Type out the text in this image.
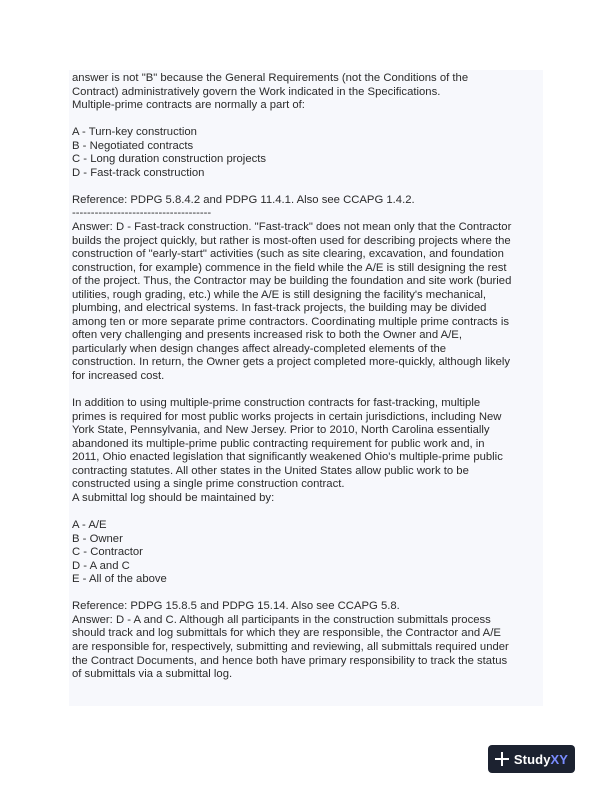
answer is not "B" because the General Requirements (not the Conditions of the
Contract) administratively govern the Work indicated in the Specifications.
Multiple-prime contracts are normally a part of:
A - Turn-key construction
B - Negotiated contracts
C - Long duration construction projects
D - Fast-track construction
Reference: PDPG 5.8.4.2 and PDPG 11.4.1. Also see CCAPG 1.4.2.
-------------------------------------
Answer: D - Fast-track construction. "Fast-track" does not mean only that the Contractor
builds the project quickly, but rather is most-often used for describing projects where the
construction of "early-start" activities (such as site clearing, excavation, and foundation
construction, for example) commence in the field while the A/E is still designing the rest
of the project. Thus, the Contractor may be building the foundation and site work (buried
utilities, rough grading, etc.) while the A/E is still designing the facility's mechanical,
plumbing, and electrical systems. In fast-track projects, the building may be divided
among ten or more separate prime contractors. Coordinating multiple prime contracts is
often very challenging and presents increased risk to both the Owner and A/E,
particularly when design changes affect already-completed elements of the
construction. In return, the Owner gets a project completed more-quickly, although likely
for increased cost.
In addition to using multiple-prime construction contracts for fast-tracking, multiple
primes is required for most public works projects in certain jurisdictions, including New
York State, Pennsylvania, and New Jersey. Prior to 2010, North Carolina essentially
abandoned its multiple-prime public contracting requirement for public work and, in
2011, Ohio enacted legislation that significantly weakened Ohio's multiple-prime public
contracting statutes. All other states in the United States allow public work to be
constructed using a single prime construction contract.
A submittal log should be maintained by:
A - A/E
B - Owner
C - Contractor
D - A and C
E - All of the above
Reference: PDPG 15.8.5 and PDPG 15.14. Also see CCAPG 5.8.
Answer: D - A and C. Although all participants in the construction submittals process
should track and log submittals for which they are responsible, the Contractor and A/E
are responsible for, respectively, submitting and reviewing, all submittals required under
the Contract Documents, and hence both have primary responsibility to track the status
of submittals via a submittal log.
StudyXY
